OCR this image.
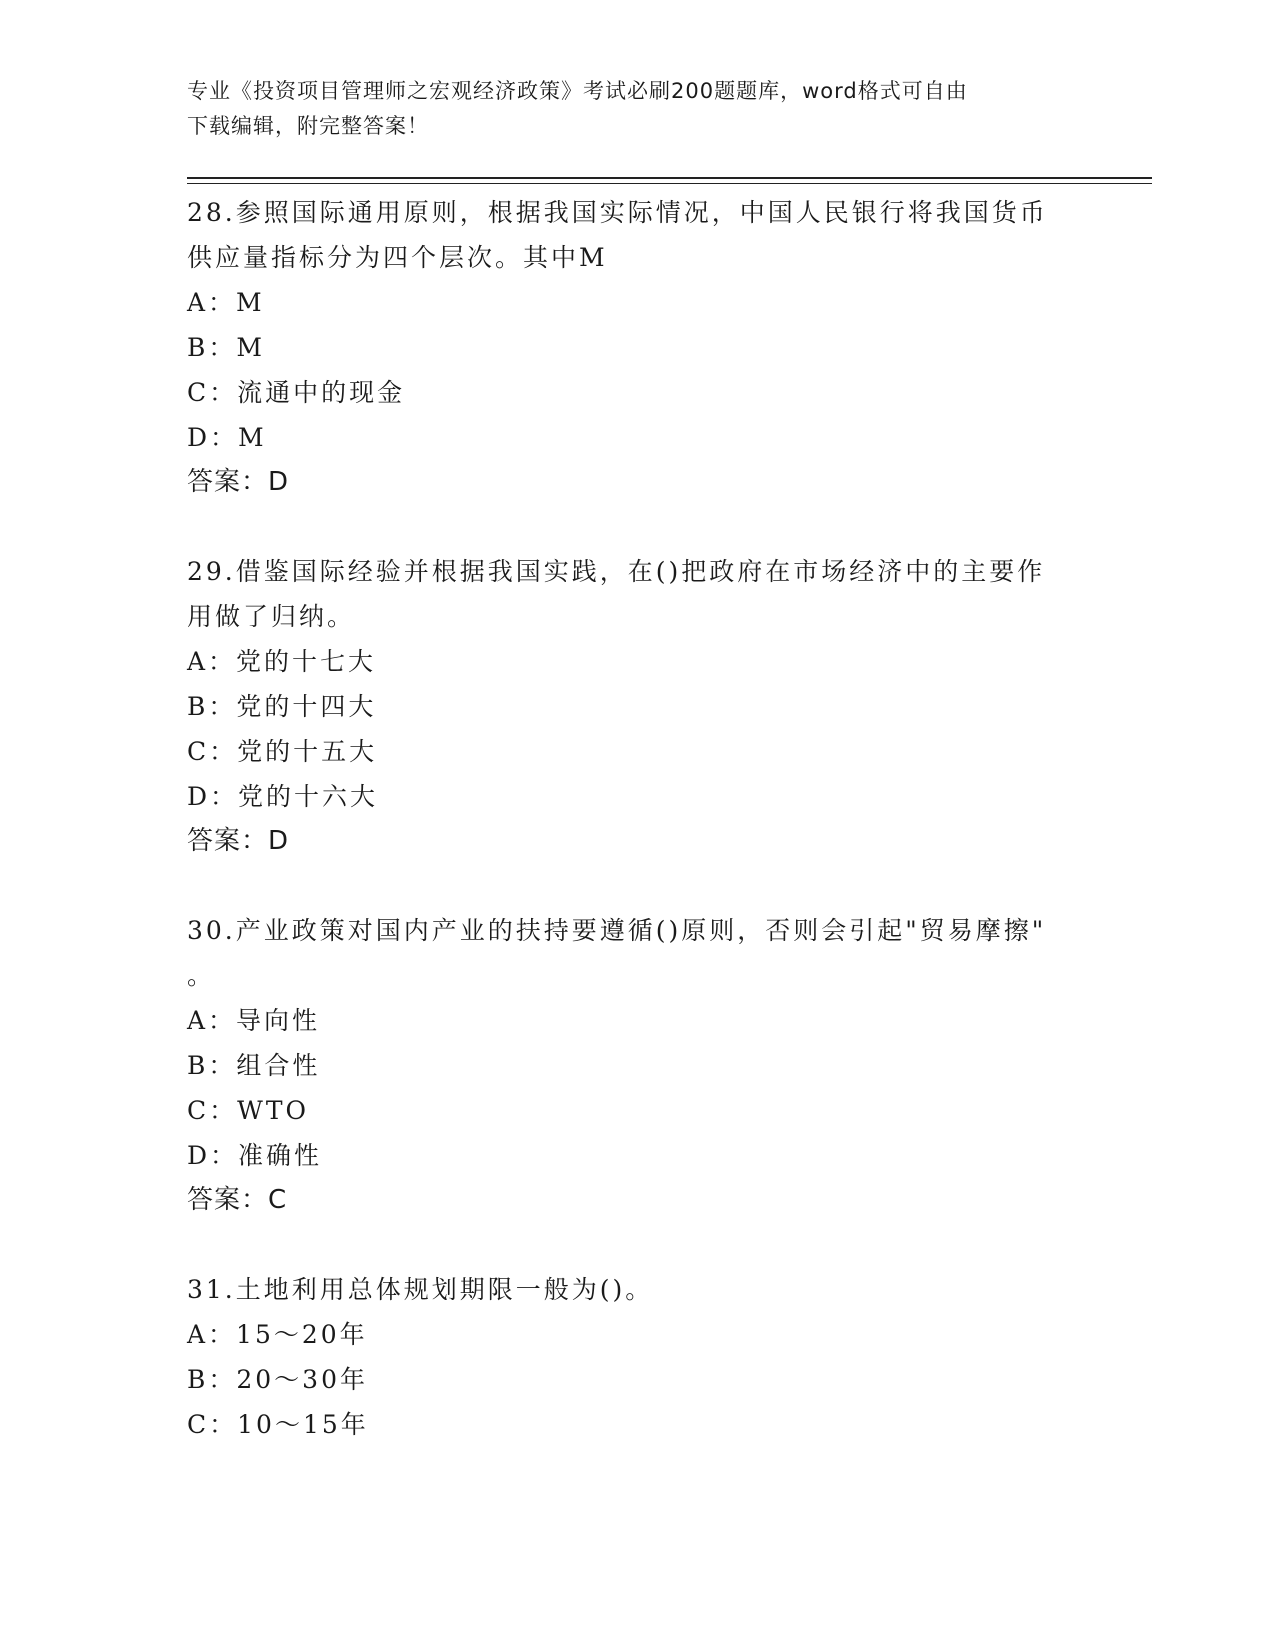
专业《投资项目管理师之宏观经济政策》考试必刷200题题库，word格式可自由
下载编辑，附完整答案！

28.参照国际通用原则，根据我国实际情况，中国人民银行将我国货币

供应量指标分为四个层次。其中M

A：M

B：M

C：流通中的现金

D：M

答案：D

29.借鉴国际经验并根据我国实践，在()把政府在市场经济中的主要作

用做了归纳。

A：党的十七大

B：党的十四大

C：党的十五大

D：党的十六大

答案：D

30.产业政策对国内产业的扶持要遵循()原则，否则会引起"贸易摩擦"

。

A：导向性

B：组合性

C：WTO

D：准确性

答案：C

31.土地利用总体规划期限一般为()。

A：15～20年

B：20～30年

C：10～15年
